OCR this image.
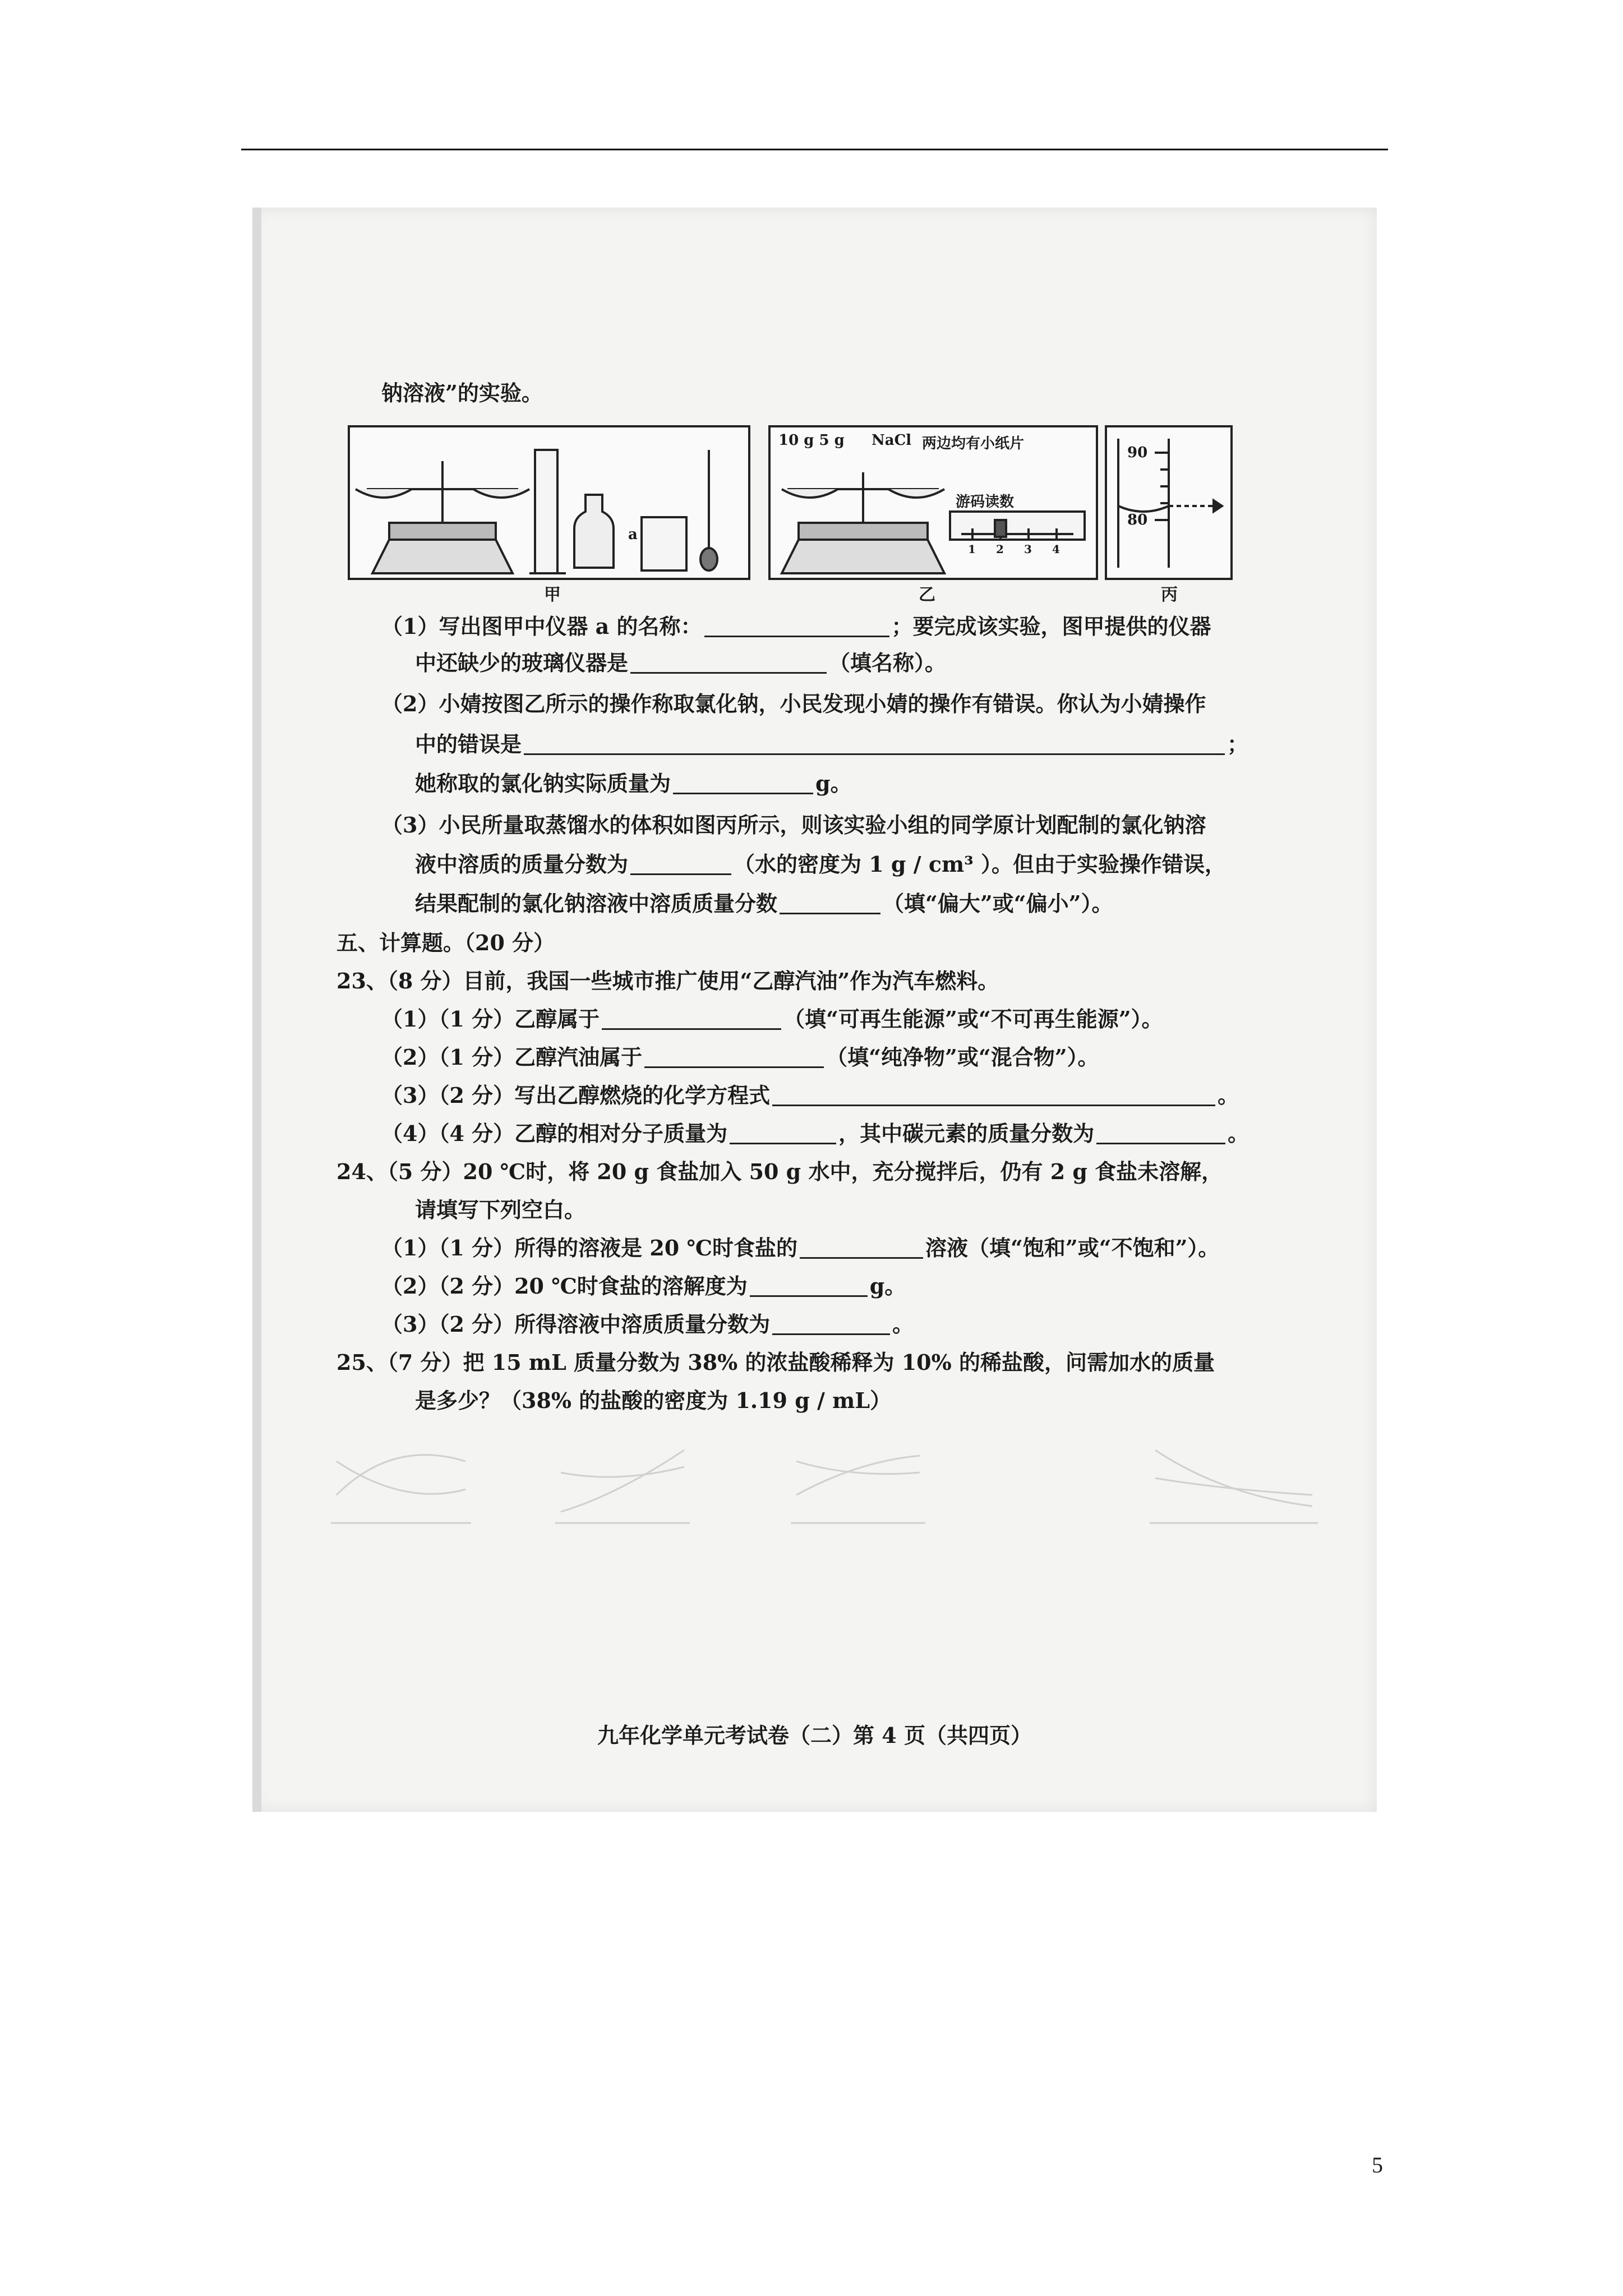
钠溶液”的实验。
a
甲
10 g 5 g NaCl 两边均有小纸片
游码读数
1 2 3 4
乙
90
80
丙
（1）写出图甲中仪器 a 的名称：	；要完成该实验，图甲提供的仪器
中还缺少的玻璃仪器是	（填名称）。
（2）小婧按图乙所示的操作称取氯化钠，小民发现小婧的操作有错误。你认为小婧操作
中的错误是	；
她称取的氯化钠实际质量为	g。
（3）小民所量取蒸馏水的体积如图丙所示，则该实验小组的同学原计划配制的氯化钠溶
液中溶质的质量分数为	（水的密度为 1 g / cm³ ）。但由于实验操作错误，
结果配制的氯化钠溶液中溶质质量分数	（填“偏大”或“偏小”）。
五、计算题。（20 分）
23、（8 分）目前，我国一些城市推广使用“乙醇汽油”作为汽车燃料。
（1）（1 分）乙醇属于	（填“可再生能源”或“不可再生能源”）。
（2）（1 分）乙醇汽油属于	（填“纯净物”或“混合物”）。
（3）（2 分）写出乙醇燃烧的化学方程式	。
（4）（4 分）乙醇的相对分子质量为	，其中碳元素的质量分数为	。
24、（5 分）20 ℃时，将 20 g 食盐加入 50 g 水中，充分搅拌后，仍有 2 g 食盐未溶解，
请填写下列空白。
（1）（1 分）所得的溶液是 20 ℃时食盐的	溶液（填“饱和”或“不饱和”）。
（2）（2 分）20 ℃时食盐的溶解度为	g。
（3）（2 分）所得溶液中溶质质量分数为	。
25、（7 分）把 15 mL 质量分数为 38% 的浓盐酸稀释为 10% 的稀盐酸，问需加水的质量
是多少？（38% 的盐酸的密度为 1.19 g / mL）
九年化学单元考试卷（二）第 4 页（共四页）
5
